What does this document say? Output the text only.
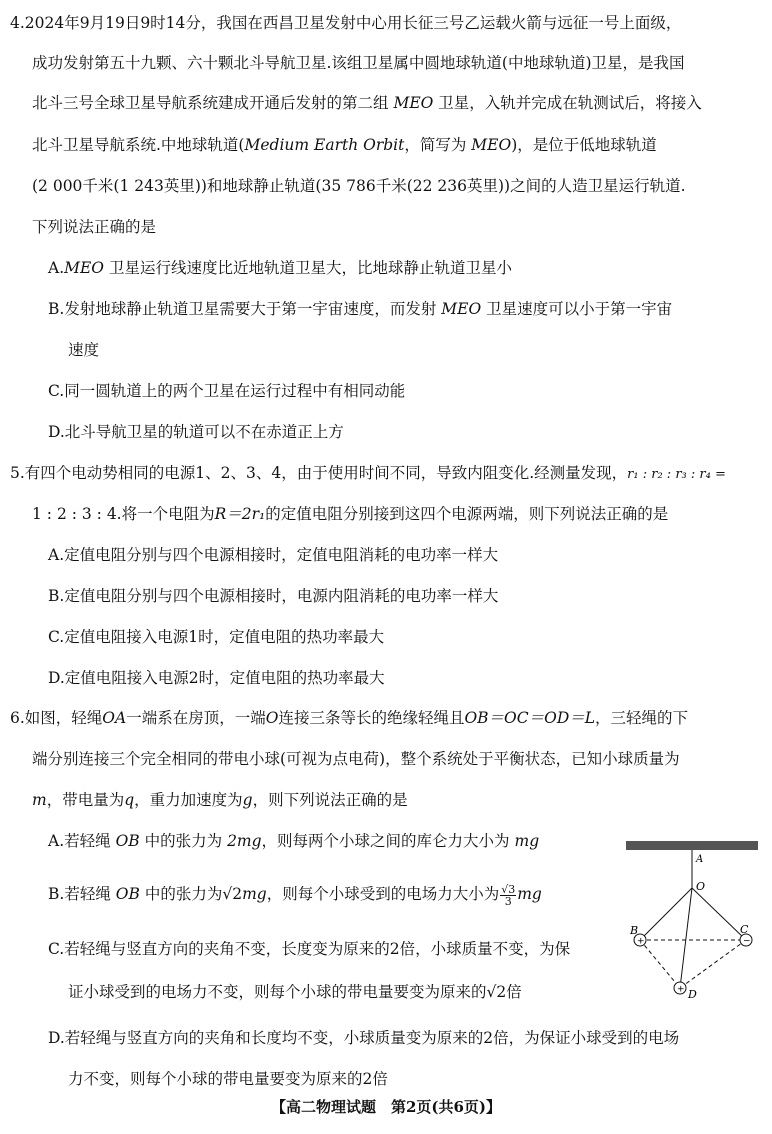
4.2024年9月19日9时14分，我国在西昌卫星发射中心用长征三号乙运载火箭与远征一号上面级，
成功发射第五十九颗、六十颗北斗导航卫星.该组卫星属中圆地球轨道(中地球轨道)卫星，是我国
北斗三号全球卫星导航系统建成开通后发射的第二组 MEO 卫星，入轨并完成在轨测试后，将接入
北斗卫星导航系统.中地球轨道(Medium Earth Orbit，简写为 MEO)，是位于低地球轨道
(2 000千米(1 243英里))和地球静止轨道(35 786千米(22 236英里))之间的人造卫星运行轨道.
下列说法正确的是
A.MEO 卫星运行线速度比近地轨道卫星大，比地球静止轨道卫星小
B.发射地球静止轨道卫星需要大于第一宇宙速度，而发射 MEO 卫星速度可以小于第一宇宙
速度
C.同一圆轨道上的两个卫星在运行过程中有相同动能
D.北斗导航卫星的轨道可以不在赤道正上方
5.有四个电动势相同的电源1、2、3、4，由于使用时间不同，导致内阻变化.经测量发现，r₁ : r₂ : r₃ : r₄ =
1 : 2 : 3 : 4.将一个电阻为R＝2r₁的定值电阻分别接到这四个电源两端，则下列说法正确的是
A.定值电阻分别与四个电源相接时，定值电阻消耗的电功率一样大
B.定值电阻分别与四个电源相接时，电源内阻消耗的电功率一样大
C.定值电阻接入电源1时，定值电阻的热功率最大
D.定值电阻接入电源2时，定值电阻的热功率最大
6.如图，轻绳OA一端系在房顶，一端O连接三条等长的绝缘轻绳且OB＝OC＝OD＝L，三轻绳的下
端分别连接三个完全相同的带电小球(可视为点电荷)，整个系统处于平衡状态，已知小球质量为
m，带电量为q，重力加速度为g，则下列说法正确的是
A.若轻绳 OB 中的张力为 2mg，则每两个小球之间的库仑力大小为 mg
B.若轻绳 OB 中的张力为√2mg，则每个小球受到的电场力大小为 $\frac{√3}{3}$ mg
C.若轻绳与竖直方向的夹角不变，长度变为原来的2倍，小球质量不变，为保
证小球受到的电场力不变，则每个小球的带电量要变为原来的√2倍
D.若轻绳与竖直方向的夹角和长度均不变，小球质量变为原来的2倍，为保证小球受到的电场
力不变，则每个小球的带电量要变为原来的2倍
A
O
+	−
+
B	C
D
【高二物理试题　第2页(共6页)】
